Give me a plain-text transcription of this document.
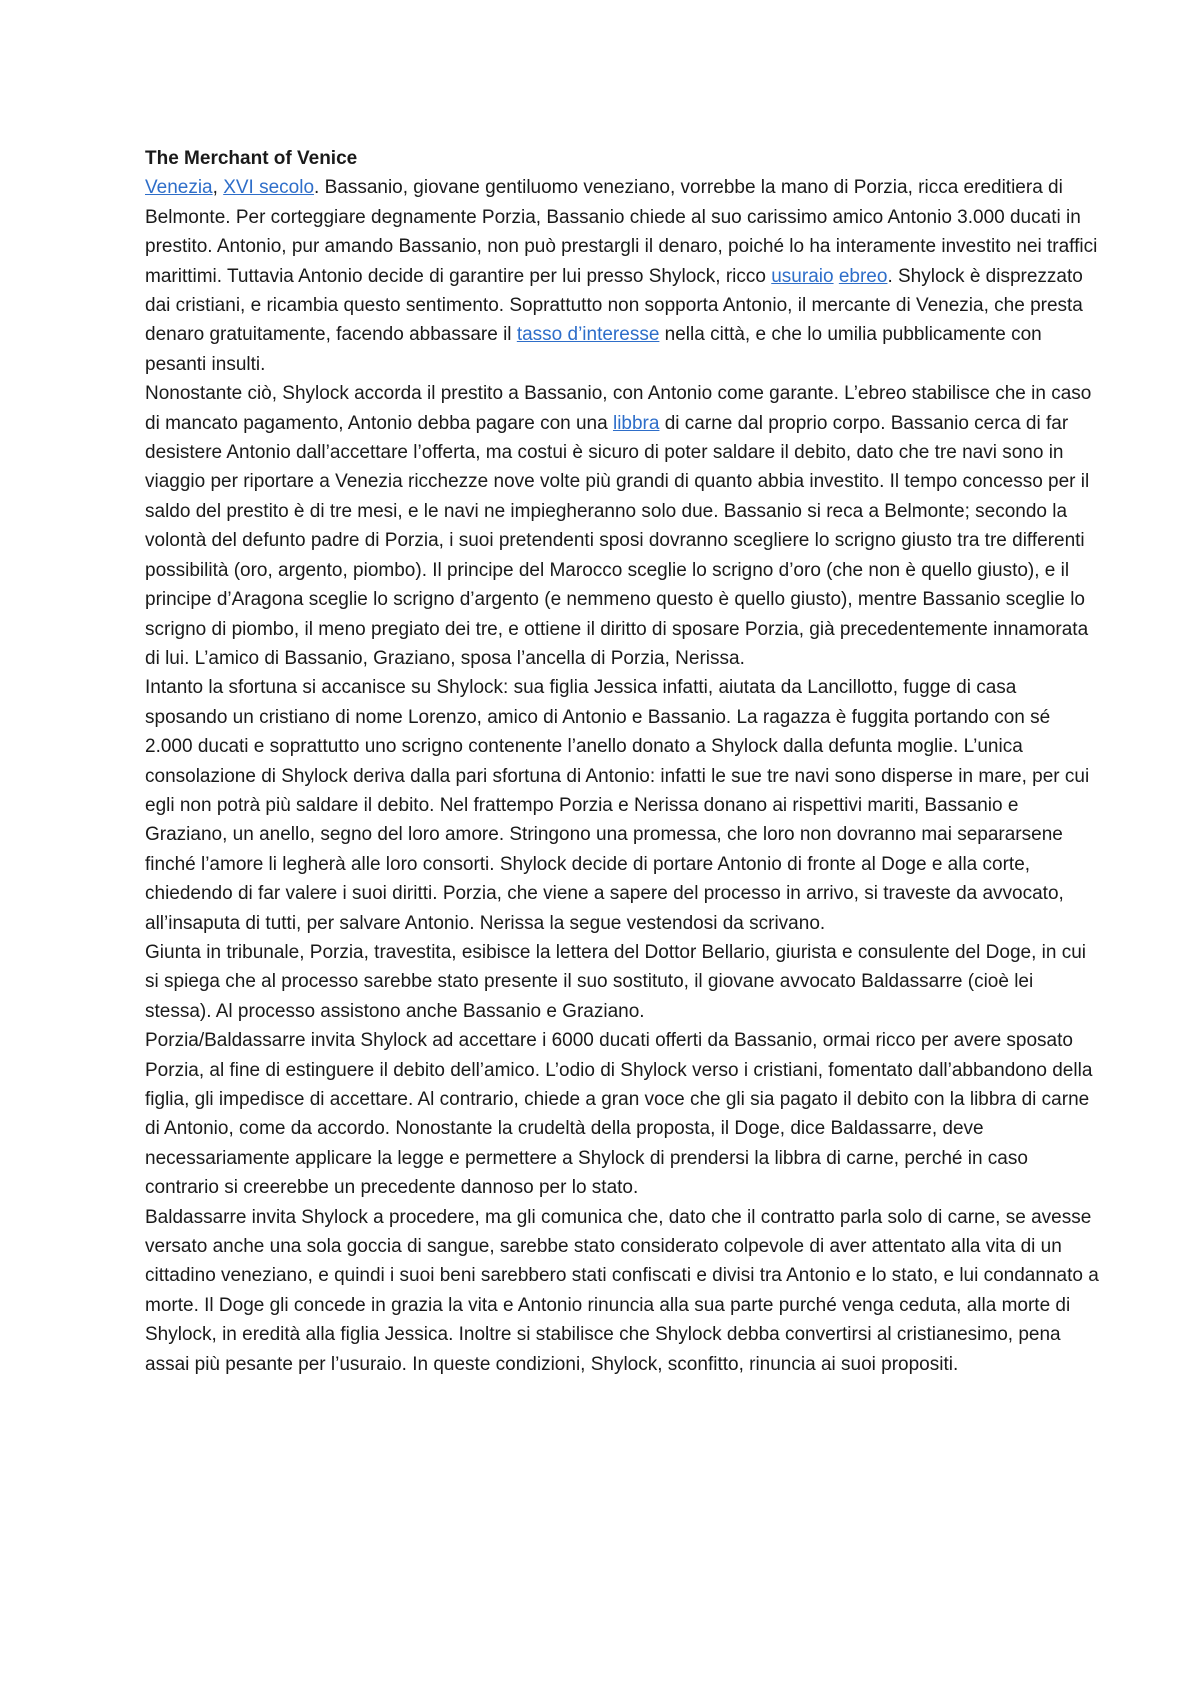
The Merchant of Venice

Venezia, XVI secolo. Bassanio, giovane gentiluomo veneziano, vorrebbe la mano di Porzia, ricca ereditiera di Belmonte. Per corteggiare degnamente Porzia, Bassanio chiede al suo carissimo amico Antonio 3.000 ducati in prestito. Antonio, pur amando Bassanio, non può prestargli il denaro, poiché lo ha interamente investito nei traffici marittimi. Tuttavia Antonio decide di garantire per lui presso Shylock, ricco usuraio ebreo. Shylock è disprezzato dai cristiani, e ricambia questo sentimento. Soprattutto non sopporta Antonio, il mercante di Venezia, che presta denaro gratuitamente, facendo abbassare il tasso d’interesse nella città, e che lo umilia pubblicamente con pesanti insulti.

Nonostante ciò, Shylock accorda il prestito a Bassanio, con Antonio come garante. L’ebreo stabilisce che in caso di mancato pagamento, Antonio debba pagare con una libbra di carne dal proprio corpo. Bassanio cerca di far desistere Antonio dall’accettare l’offerta, ma costui è sicuro di poter saldare il debito, dato che tre navi sono in viaggio per riportare a Venezia ricchezze nove volte più grandi di quanto abbia investito. Il tempo concesso per il saldo del prestito è di tre mesi, e le navi ne impiegheranno solo due. Bassanio si reca a Belmonte; secondo la volontà del defunto padre di Porzia, i suoi pretendenti sposi dovranno scegliere lo scrigno giusto tra tre differenti possibilità (oro, argento, piombo). Il principe del Marocco sceglie lo scrigno d’oro (che non è quello giusto), e il principe d’Aragona sceglie lo scrigno d’argento (e nemmeno questo è quello giusto), mentre Bassanio sceglie lo scrigno di piombo, il meno pregiato dei tre, e ottiene il diritto di sposare Porzia, già precedentemente innamorata di lui. L’amico di Bassanio, Graziano, sposa l’ancella di Porzia, Nerissa.

Intanto la sfortuna si accanisce su Shylock: sua figlia Jessica infatti, aiutata da Lancillotto, fugge di casa sposando un cristiano di nome Lorenzo, amico di Antonio e Bassanio. La ragazza è fuggita portando con sé 2.000 ducati e soprattutto uno scrigno contenente l’anello donato a Shylock dalla defunta moglie. L’unica consolazione di Shylock deriva dalla pari sfortuna di Antonio: infatti le sue tre navi sono disperse in mare, per cui egli non potrà più saldare il debito. Nel frattempo Porzia e Nerissa donano ai rispettivi mariti, Bassanio e Graziano, un anello, segno del loro amore. Stringono una promessa, che loro non dovranno mai separarsene finché l’amore li legherà alle loro consorti. Shylock decide di portare Antonio di fronte al Doge e alla corte, chiedendo di far valere i suoi diritti. Porzia, che viene a sapere del processo in arrivo, si traveste da avvocato, all’insaputa di tutti, per salvare Antonio. Nerissa la segue vestendosi da scrivano.

Giunta in tribunale, Porzia, travestita, esibisce la lettera del Dottor Bellario, giurista e consulente del Doge, in cui si spiega che al processo sarebbe stato presente il suo sostituto, il giovane avvocato Baldassarre (cioè lei stessa). Al processo assistono anche Bassanio e Graziano.

Porzia/Baldassarre invita Shylock ad accettare i 6000 ducati offerti da Bassanio, ormai ricco per avere sposato Porzia, al fine di estinguere il debito dell’amico. L’odio di Shylock verso i cristiani, fomentato dall’abbandono della figlia, gli impedisce di accettare. Al contrario, chiede a gran voce che gli sia pagato il debito con la libbra di carne di Antonio, come da accordo. Nonostante la crudeltà della proposta, il Doge, dice Baldassarre, deve necessariamente applicare la legge e permettere a Shylock di prendersi la libbra di carne, perché in caso contrario si creerebbe un precedente dannoso per lo stato.

Baldassarre invita Shylock a procedere, ma gli comunica che, dato che il contratto parla solo di carne, se avesse versato anche una sola goccia di sangue, sarebbe stato considerato colpevole di aver attentato alla vita di un cittadino veneziano, e quindi i suoi beni sarebbero stati confiscati e divisi tra Antonio e lo stato, e lui condannato a morte. Il Doge gli concede in grazia la vita e Antonio rinuncia alla sua parte purché venga ceduta, alla morte di Shylock, in eredità alla figlia Jessica. Inoltre si stabilisce che Shylock debba convertirsi al cristianesimo, pena assai più pesante per l’usuraio. In queste condizioni, Shylock, sconfitto, rinuncia ai suoi propositi.
